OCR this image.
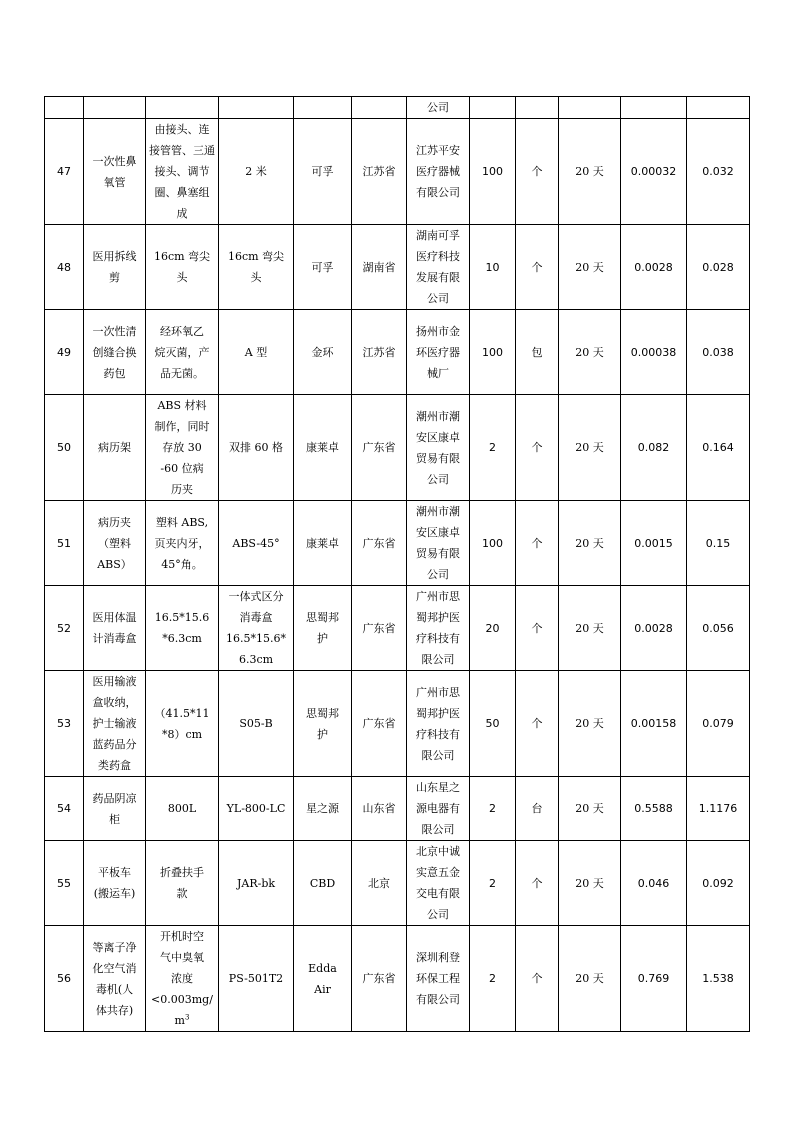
						公司					
47	一次性鼻
氧管	由接头、连
接管管、三通
接头、调节
圈、鼻塞组
成	2 米	可孚	江苏省	江苏平安
医疗器械
有限公司	100	个	20 天	0.00032	0.032
48	医用拆线
剪	16cm 弯尖
头	16cm 弯尖
头	可孚	湖南省	湖南可孚
医疗科技
发展有限
公司	10	个	20 天	0.0028	0.028
49	一次性清
创缝合换
药包	经环氧乙
烷灭菌，产
品无菌。	A 型	金环	江苏省	扬州市金
环医疗器
械厂	100	包	20 天	0.00038	0.038
50	病历架	ABS 材料
制作，同时
存放 30
-60 位病
历夹	双排 60 格	康莱卓	广东省	潮州市潮
安区康卓
贸易有限
公司	2	个	20 天	0.082	0.164
51	病历夹
（塑料
ABS）	塑料 ABS,
页夹内牙，
45°角。	ABS-45°	康莱卓	广东省	潮州市潮
安区康卓
贸易有限
公司	100	个	20 天	0.0015	0.15
52	医用体温
计消毒盒	16.5*15.6
*6.3cm	一体式区分
消毒盒
16.5*15.6*
6.3cm	思蜀邦
护	广东省	广州市思
蜀邦护医
疗科技有
限公司	20	个	20 天	0.0028	0.056
53	医用输液
盒收纳，
护士输液
蓝药品分
类药盒	（41.5*11
*8）cm	S05-B	思蜀邦
护	广东省	广州市思
蜀邦护医
疗科技有
限公司	50	个	20 天	0.00158	0.079
54	药品阴凉
柜	800L	YL-800-LC	星之源	山东省	山东星之
源电器有
限公司	2	台	20 天	0.5588	1.1176
55	平板车
(搬运车)	折叠扶手
款	JAR-bk	CBD	北京	北京中诚
实意五金
交电有限
公司	2	个	20 天	0.046	0.092
56	等离子净
化空气消
毒机(人
体共存)	开机时空
气中臭氧
浓度
<0.003mg/
$m^3$	PS-501T2	Edda
Air	广东省	深圳利登
环保工程
有限公司	2	个	20 天	0.769	1.538
